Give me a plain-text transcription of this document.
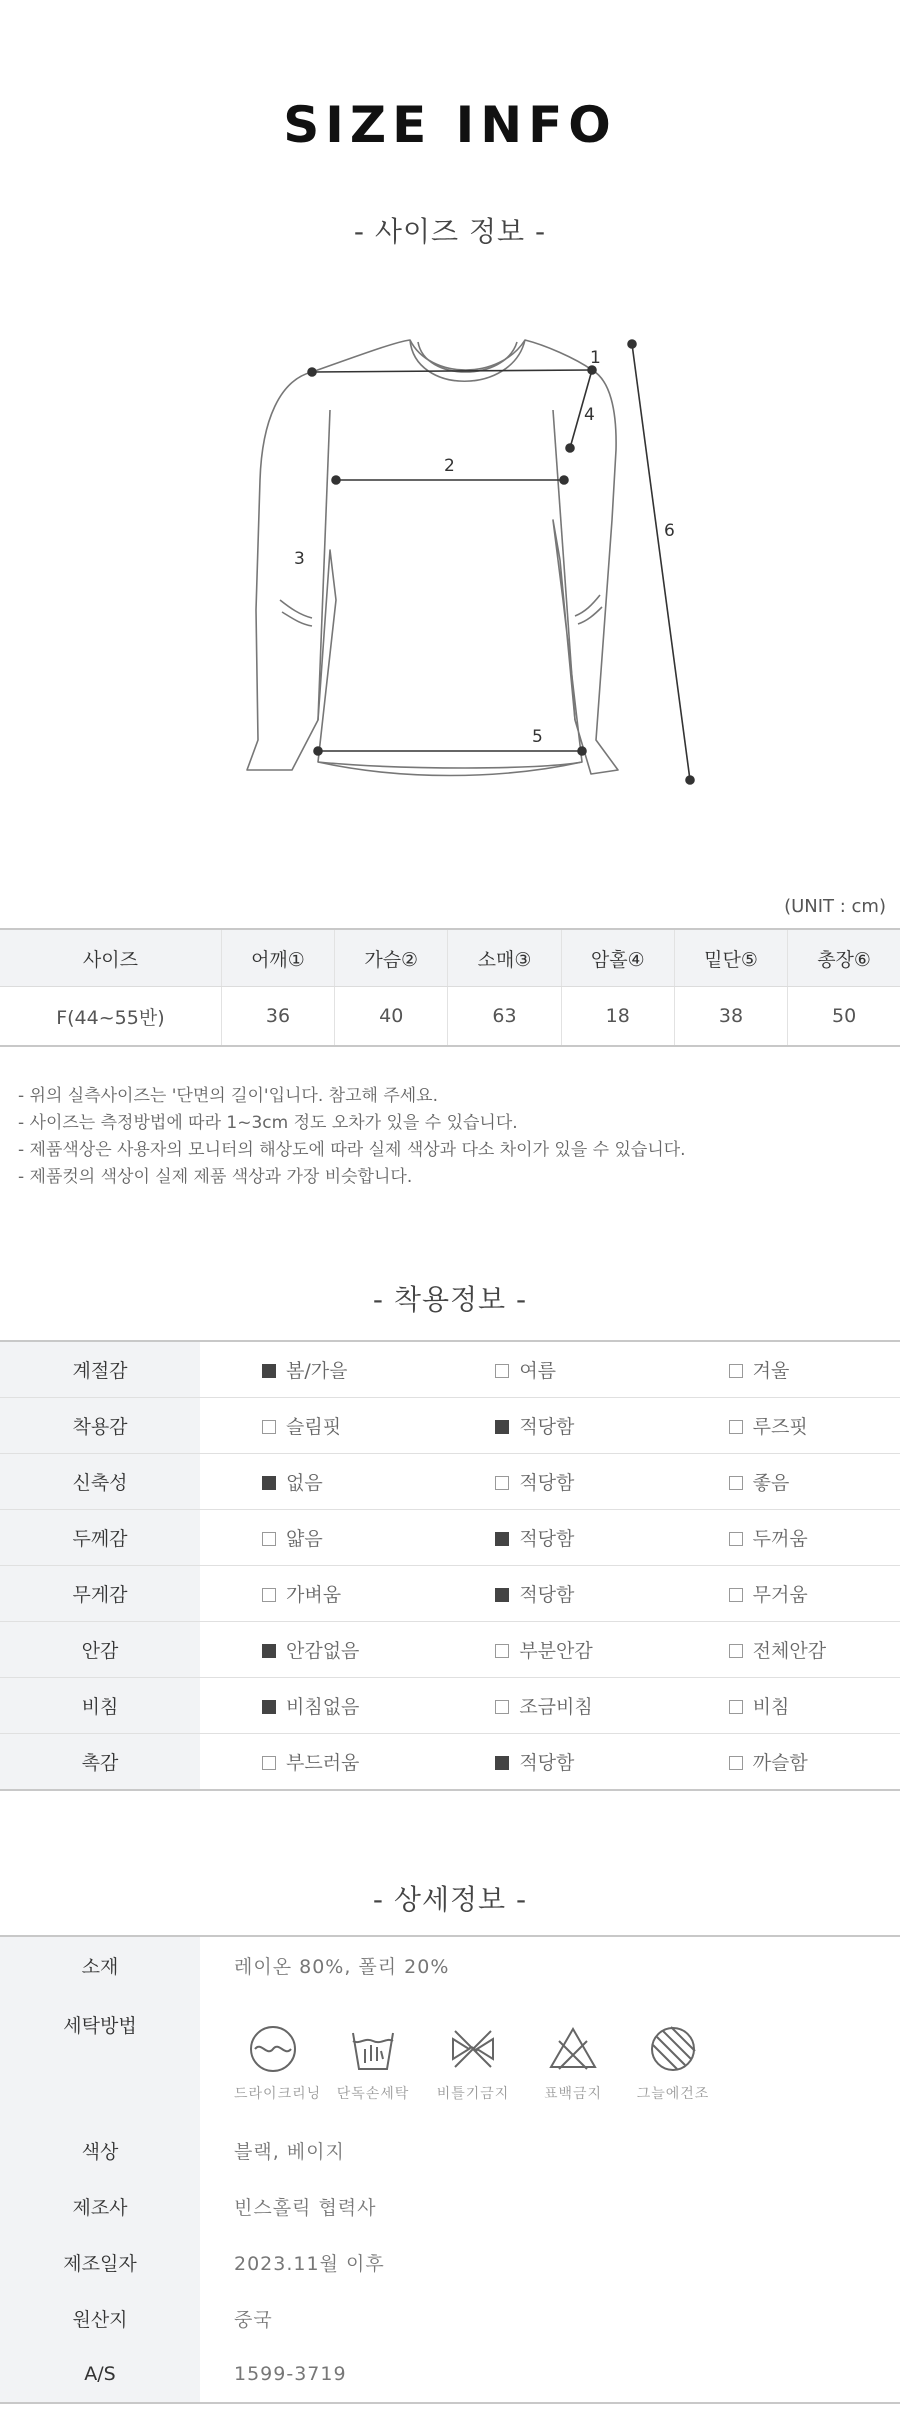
SIZE INFO
- 사이즈 정보 -
1
2
3
4
5
6
(UNIT : cm)
사이즈	어깨①	가슴②	소매③	암홀④	밑단⑤	총장⑥
F(44~55반)	36	40	63	18	38	50
- 위의 실측사이즈는 '단면의 길이'입니다. 참고해 주세요.
- 사이즈는 측정방법에 따라 1~3cm 정도 오차가 있을 수 있습니다.
- 제품색상은 사용자의 모니터의 해상도에 따라 실제 색상과 다소 차이가 있을 수 있습니다.
- 제품컷의 색상이 실제 제품 색상과 가장 비슷합니다.
- 착용정보 -
계절감	봄/가을	여름	겨울
착용감	슬림핏	적당함	루즈핏
신축성	없음	적당함	좋음
두께감	얇음	적당함	두꺼움
무게감	가벼움	적당함	무거움
안감	안감없음	부분안감	전체안감
비침	비침없음	조금비침	비침
촉감	부드러움	적당함	까슬함
- 상세정보 -
소재	레이온 80%, 폴리 20%
세탁방법	드라이크리닝 단독손세탁 비틀기금지 표백금지 그늘에건조

색상	블랙, 베이지
제조사	빈스홀릭 협력사
제조일자	2023.11월 이후
원산지	중국
A/S	1599-3719
